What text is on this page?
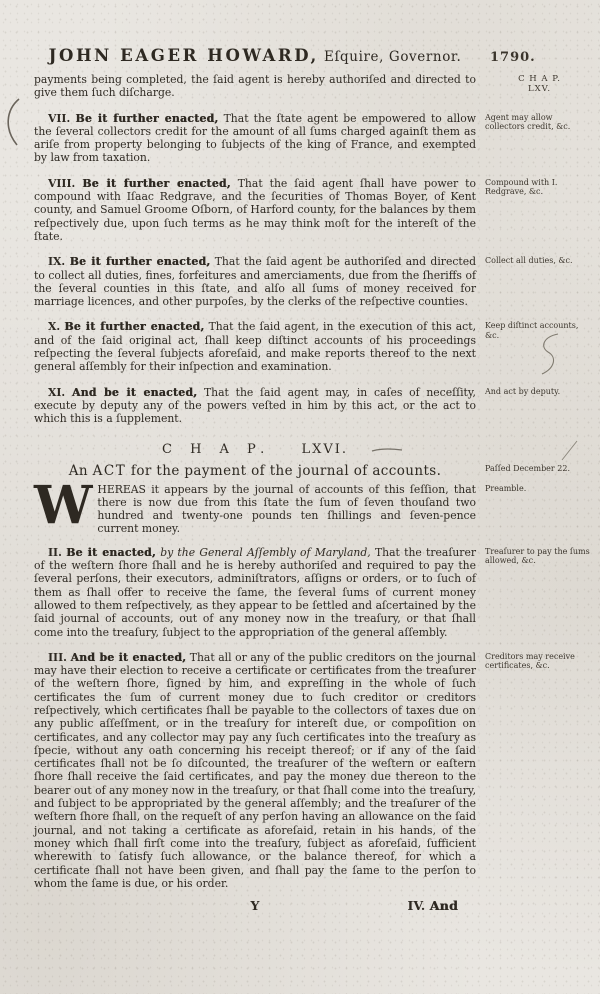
JOHN EAGER HOWARD, Eſquire, Governor.	1790.

payments being completed, the ſaid agent is hereby authoriſed and directed to give them ſuch diſcharge.

C H A P.
LXV.

VII. Be it further enacted, That the ſtate agent be empowered to allow the ſeveral collectors credit for the amount of all ſums charged againſt them as ariſe from property belonging to ſubjects of the king of France, and exempted by law from taxation.

Agent may allow collectors credit, &c.

VIII. Be it further enacted, That the ſaid agent ſhall have power to compound with Iſaac Redgrave, and the ſecurities of Thomas Boyer, of Kent county, and Samuel Groome Oſborn, of Harford county, for the balances by them reſpectively due, upon ſuch terms as he may think moſt for the intereſt of the ſtate.

Compound with I. Redgrave, &c.

IX. Be it further enacted, That the ſaid agent be authoriſed and directed to collect all duties, fines, forfeitures and amerciaments, due from the ſheriffs of the ſeveral counties in this ſtate, and alſo all ſums of money received for marriage licences, and other purpoſes, by the clerks of the reſpective counties.

Collect all duties, &c.

X. Be it further enacted, That the ſaid agent, in the execution of this act, and of the ſaid original act, ſhall keep diſtinct accounts of his proceedings reſpecting the ſeveral ſubjects aforeſaid, and make reports thereof to the next general aſſembly for their inſpection and examination.

Keep diſtinct accounts, &c.

XI. And be it enacted, That the ſaid agent may, in caſes of neceſſity, execute by deputy any of the powers veſted in him by this act, or the act to which this is a ſupplement.

And act by deputy.
C H A P. LXVI.

An ACT for the payment of the journal of accounts.	Paſſed December 22.

WHEREAS it appears by the journal of accounts of this ſeſſion, that there is now due from this ſtate the ſum of ſeven thouſand two hundred and twenty-one pounds ten ſhillings and ſeven-pence current money.

Preamble.

II. Be it enacted, by the General Aſſembly of Maryland, That the treaſurer of the weſtern ſhore ſhall and he is hereby authoriſed and required to pay the ſeveral perſons, their executors, adminiſtrators, aſſigns or orders, or to ſuch of them as ſhall offer to receive the ſame, the ſeveral ſums of current money allowed to them reſpectively, as they appear to be ſettled and aſcertained by the ſaid journal of accounts, out of any money now in the treaſury, or that ſhall come into the treaſury, ſubject to the appropriation of the general aſſembly.

Treaſurer to pay the ſums allowed, &c.

III. And be it enacted, That all or any of the public creditors on the journal may have their election to receive a certificate or certificates from the treaſurer of the weſtern ſhore, ſigned by him, and expreſſing in the whole of ſuch certificates the ſum of current money due to ſuch creditor or creditors reſpectively, which certificates ſhall be payable to the collectors of taxes due on any public aſſeſſment, or in the treaſury for intereſt due, or compoſition on certificates, and any collector may pay any ſuch certificates into the treaſury as ſpecie, without any oath concerning his receipt thereof; or if any of the ſaid certificates ſhall not be ſo diſcounted, the treaſurer of the weſtern or eaſtern ſhore ſhall receive the ſaid certificates, and pay the money due thereon to the bearer out of any money now in the treaſury, or that ſhall come into the treaſury, and ſubject to be appropriated by the general aſſembly; and the treaſurer of the weſtern ſhore ſhall, on the requeſt of any perſon having an allowance on the ſaid journal, and not taking a certificate as aforeſaid, retain in his hands, of the money which ſhall firſt come into the treaſury, ſubject as aforeſaid, ſufficient wherewith to ſatisfy ſuch allowance, or the balance thereof, for which a certificate ſhall not have been given, and ſhall pay the ſame to the perſon to whom the ſame is due, or his order.

Creditors may receive certificates, &c.
Y	IV. And
